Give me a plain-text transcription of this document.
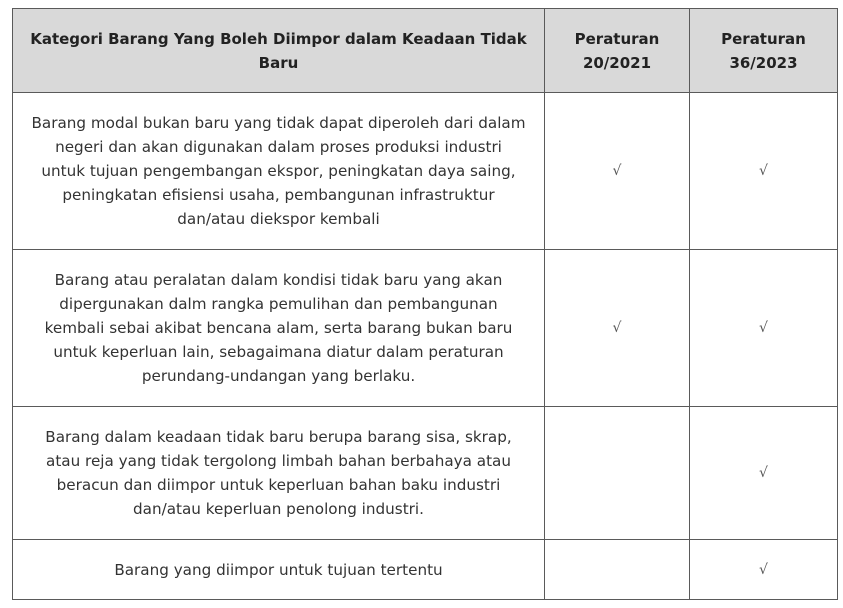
Kategori Barang Yang Boleh Diimpor dalam Keadaan Tidak Baru	Peraturan 20/2021	Peraturan 36/2023
Barang modal bukan baru yang tidak dapat diperoleh dari dalam negeri dan akan digunakan dalam proses produksi industri untuk tujuan pengembangan ekspor, peningkatan daya saing, peningkatan efisiensi usaha, pembangunan infrastruktur dan/atau diekspor kembali	√	√
Barang atau peralatan dalam kondisi tidak baru yang akan dipergunakan dalm rangka pemulihan dan pembangunan kembali sebai akibat bencana alam, serta barang bukan baru untuk keperluan lain, sebagaimana diatur dalam peraturan perundang-undangan yang berlaku.	√	√
Barang dalam keadaan tidak baru berupa barang sisa, skrap, atau reja yang tidak tergolong limbah bahan berbahaya atau beracun dan diimpor untuk keperluan bahan baku industri dan/atau keperluan penolong industri.		√
Barang yang diimpor untuk tujuan tertentu		√
